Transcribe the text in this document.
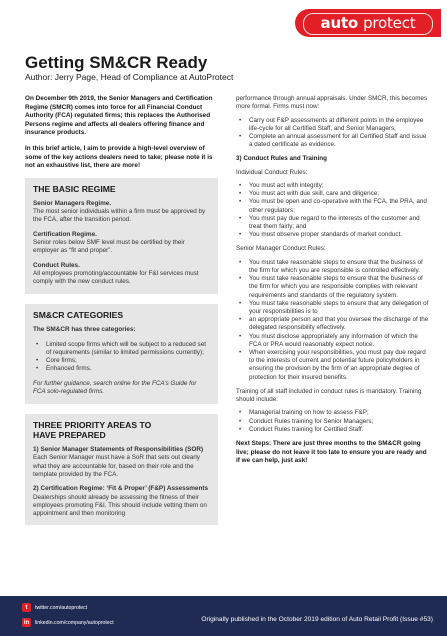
auto protect
Getting SM&CR Ready
Author: Jerry Page, Head of Compliance at AutoProtect

On December 9th 2019, the Senior Managers and Certification Regime (SMCR) comes into force for all Financial Conduct Authority (FCA) regulated firms; this replaces the Authorised Persons regime and affects all dealers offering finance and insurance products.

In this brief article, I aim to provide a high-level overview of some of the key actions dealers need to take; please note it is not an exhaustive list, there are more!

THE BASIC REGIME

Senior Managers Regime.
The most senior individuals within a firm must be approved by the FCA, after the transition period.

Certification Regime.
Senior roles below SMF level must be certified by their employer as “fit and proper”.

Conduct Rules.
All employees promoting/accountable for F&I services must comply with the new conduct rules.

SM&CR CATEGORIES

The SM&CR has three categories:

• Limited scope firms which will be subject to a reduced set of requirements (similar to limited permissions currently);
• Core firms;
• Enhanced firms.

For further guidance, search online for the FCA’s Guide for FCA solo-regulated firms.

THREE PRIORITY AREAS TO
HAVE PREPARED

1) Senior Manager Statements of Responsibilities (SOR)
Each Senior Manager must have a SoR that sets out clearly what they are accountable for, based on their role and the template provided by the FCA.

2) Certification Regime: ‘Fit & Proper’ (F&P) Assessments
Dealerships should already be assessing the fitness of their employees promoting F&I. This should include vetting them on appointment and then monitoring

performance through annual appraisals. Under SMCR, this becomes more formal. Firms must now:

• Carry out F&P assessments at different points in the employee life-cycle for all Certified Staff, and Senior Managers;
• Complete an annual assessment for all Certified Staff and issue a dated certificate as evidence.

3) Conduct Rules and Training

Individual Conduct Rules:

• You must act with integrity;
• You must act with due skill, care and diligence;
• You must be open and co-operative with the FCA, the PRA, and other regulators;
• You must pay due regard to the interests of the customer and treat them fairly; and
• You must observe proper standards of market conduct.

Senior Manager Conduct Rules:

• You must take reasonable steps to ensure that the business of the firm for which you are responsible is controlled effectively.
• You must take reasonable steps to ensure that the business of the firm for which you are responsible complies with relevant requirements and standards of the regulatory system.
• You must take reasonable steps to ensure that any delegation of your responsibilities is to
• an appropriate person and that you oversee the discharge of the delegated responsibility effectively.
• You must disclose appropriately any information of which the FCA or PRA would reasonably expect notice.
• When exercising your responsibilities, you must pay due regard to the interests of current and potential future policyholders in ensuring the provision by the firm of an appropriate degree of protection for their insured benefits.

Training of all staff included in conduct rules is mandatory. Training should include:

• Managerial training on how to assess F&P;
• Conduct Rules training for Senior Managers;
• Conduct Rules training for Certified Staff.

Next Steps: There are just three months to the SM&CR going live; please do not leave it too late to ensure you are ready and if we can help, just ask!

t	twitter.com/autoprotect
in	linkedin.com/company/autoprotect	Originally published in the October 2019 edition of Auto Retail Profit (Issue #53)
